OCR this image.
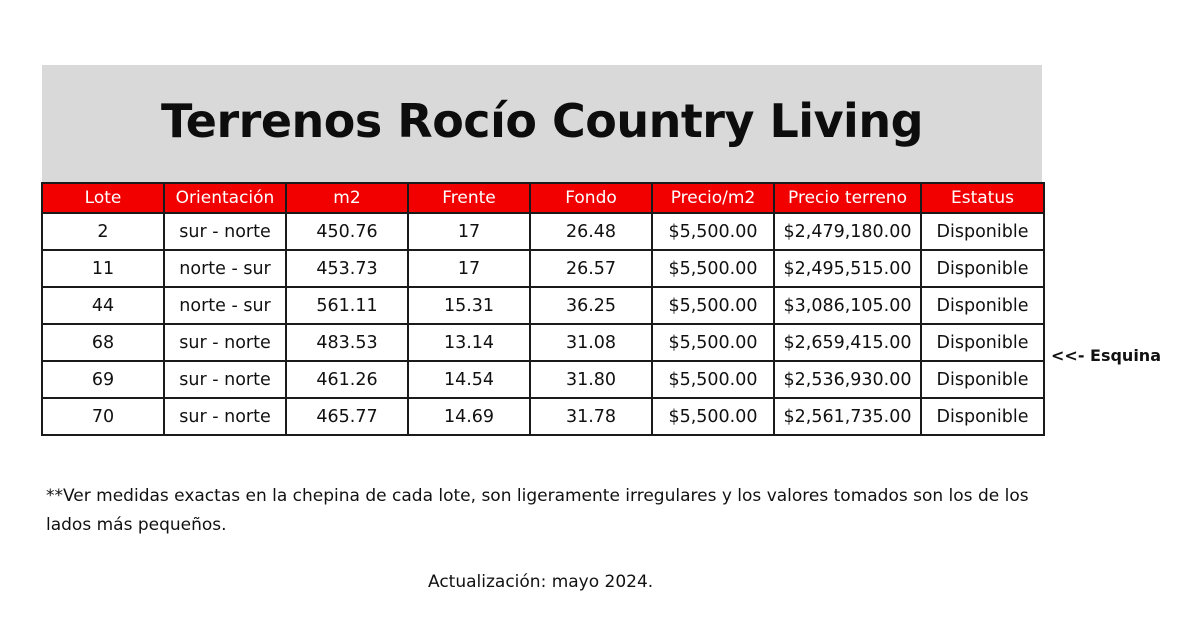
Terrenos Rocío Country Living
Lote	Orientación	m2	Frente	Fondo	Precio/m2	Precio terreno	Estatus
2	sur - norte	450.76	17	26.48	$5,500.00	$2,479,180.00	Disponible
11	norte - sur	453.73	17	26.57	$5,500.00	$2,495,515.00	Disponible
44	norte - sur	561.11	15.31	36.25	$5,500.00	$3,086,105.00	Disponible
68	sur - norte	483.53	13.14	31.08	$5,500.00	$2,659,415.00	Disponible
69	sur - norte	461.26	14.54	31.80	$5,500.00	$2,536,930.00	Disponible
70	sur - norte	465.77	14.69	31.78	$5,500.00	$2,561,735.00	Disponible
<<- Esquina
**Ver medidas exactas en la chepina de cada lote, son ligeramente irregulares y los valores tomados son los de los lados más pequeños.
Actualización: mayo 2024.
